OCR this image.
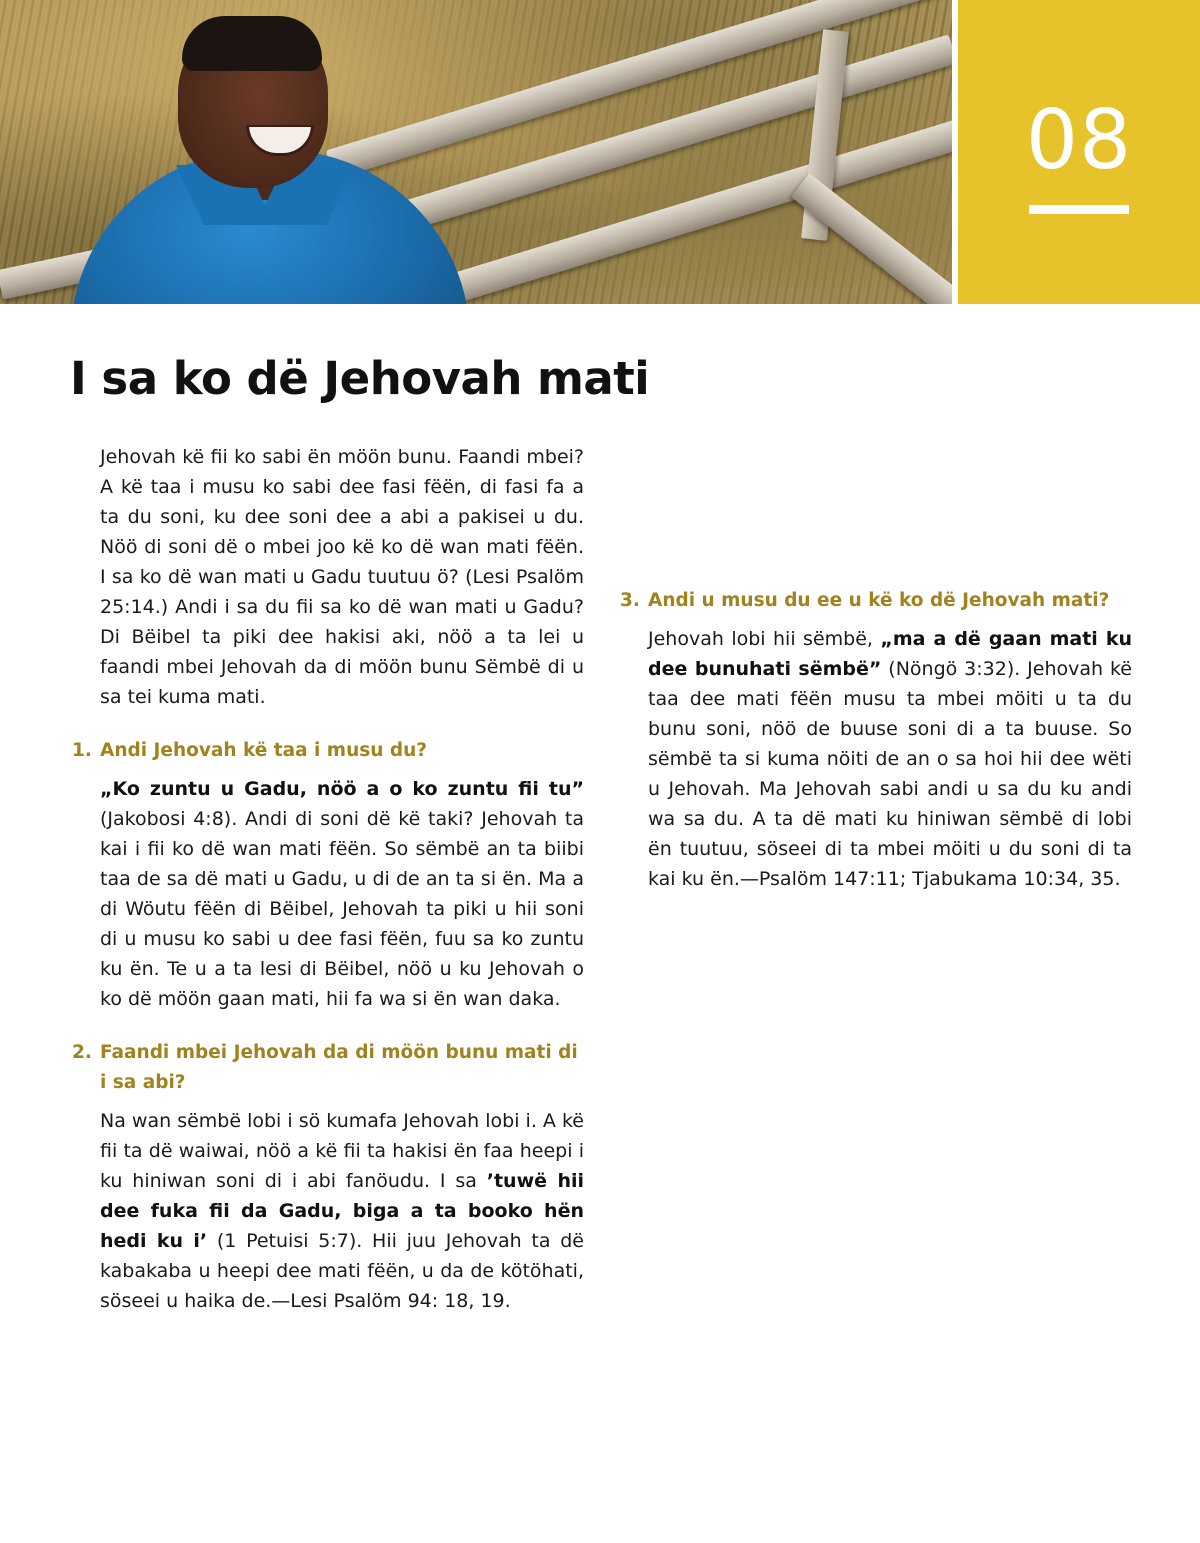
08
I sa ko dë Jehovah mati

Jehovah kë fii ko sabi ën möön bunu. Faandi mbei? A kë taa i musu ko sabi dee fasi fëën, di fasi fa a ta du soni, ku dee soni dee a abi a pakisei u du. Nöö di soni dë o mbei joo kë ko dë wan mati fëën. I sa ko dë wan mati u Gadu tuutuu ö? (Lesi Psalöm 25:14.) Andi i sa du fii sa ko dë wan mati u Gadu? Di Bëibel ta piki dee hakisi aki, nöö a ta lei u faandi mbei Jehovah da di möön bunu Sëmbë di u sa tei kuma mati.

1. Andi Jehovah kë taa i musu du?

„Ko zuntu u Gadu, nöö a o ko zuntu fii tu” (Jakobosi 4:8). Andi di soni dë kë taki? Jehovah ta kai i fii ko dë wan mati fëën. So sëmbë an ta biibi taa de sa dë mati u Gadu, u di de an ta si ën. Ma a di Wöutu fëën di Bëibel, Jehovah ta piki u hii soni di u musu ko sabi u dee fasi fëën, fuu sa ko zuntu ku ën. Te u a ta lesi di Bëibel, nöö u ku Jehovah o ko dë möön gaan mati, hii fa wa si ën wan daka.

2. Faandi mbei Jehovah da di möön bunu mati di i sa abi?

Na wan sëmbë lobi i sö kumafa Jehovah lobi i. A kë fii ta dë waiwai, nöö a kë fii ta hakisi ën faa heepi i ku hiniwan soni di i abi fanöudu. I sa ’tuwë hii dee fuka fii da Gadu, biga a ta booko hën hedi ku i’ (1 Petuisi 5:7). Hii juu Jehovah ta dë kabakaba u heepi dee mati fëën, u da de kötöhati, söseei u haika de.—Lesi Psalöm 94: 18, 19.

3. Andi u musu du ee u kë ko dë Jehovah mati?

Jehovah lobi hii sëmbë, „ma a dë gaan mati ku dee bunuhati sëmbë” (Nöngö 3:32). Jehovah kë taa dee mati fëën musu ta mbei möiti u ta du bunu soni, nöö de buuse soni di a ta buuse. So sëmbë ta si kuma nöiti de an o sa hoi hii dee wëti u Jehovah. Ma Jehovah sabi andi u sa du ku andi wa sa du. A ta dë mati ku hiniwan sëmbë di lobi ën tuutuu, söseei di ta mbei möiti u du soni di ta kai ku ën.—Psalöm 147:11; Tjabukama 10:34, 35.
